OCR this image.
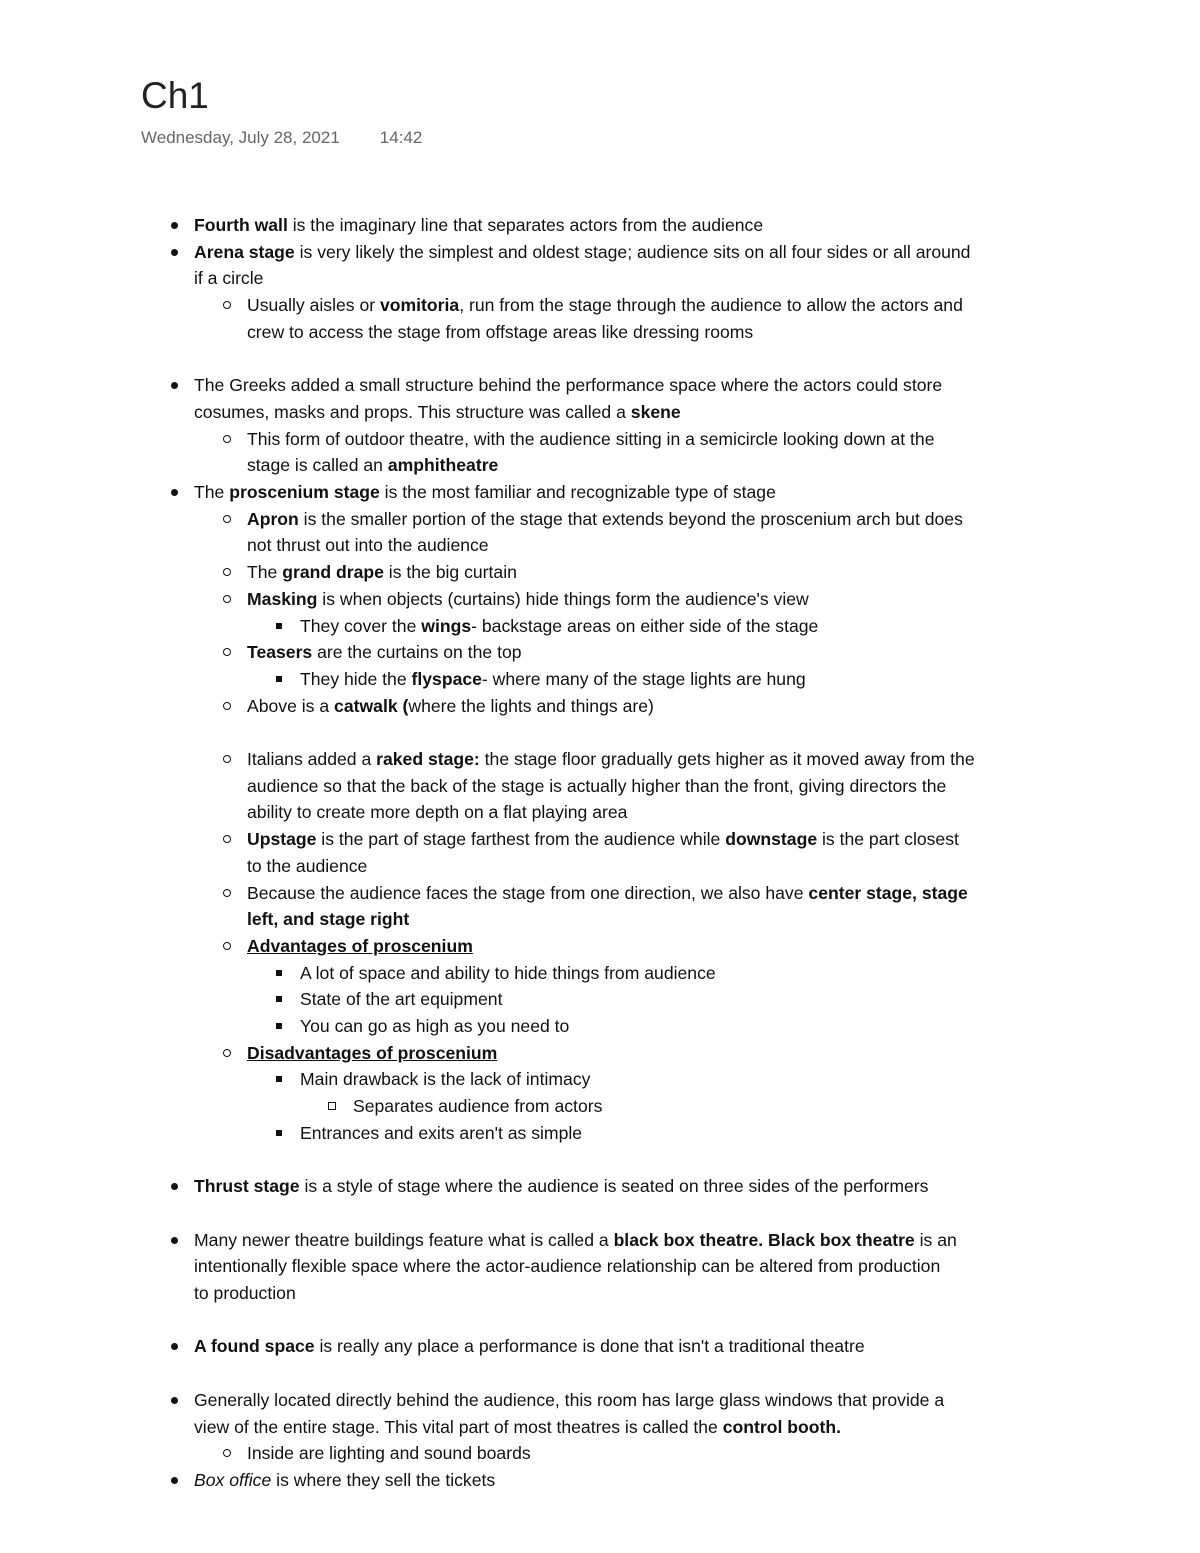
Ch1
Wednesday, July 28, 2021 14:42
Fourth wall is the imaginary line that separates actors from the audience
Arena stage is very likely the simplest and oldest stage; audience sits on all four sides or all around
if a circle
Usually aisles or vomitoria, run from the stage through the audience to allow the actors and
crew to access the stage from offstage areas like dressing rooms
The Greeks added a small structure behind the performance space where the actors could store
cosumes, masks and props. This structure was called a skene
This form of outdoor theatre, with the audience sitting in a semicircle looking down at the
stage is called an amphitheatre
The proscenium stage is the most familiar and recognizable type of stage
Apron is the smaller portion of the stage that extends beyond the proscenium arch but does
not thrust out into the audience
The grand drape is the big curtain
Masking is when objects (curtains) hide things form the audience's view
They cover the wings- backstage areas on either side of the stage
Teasers are the curtains on the top
They hide the flyspace- where many of the stage lights are hung
Above is a catwalk (where the lights and things are)
Italians added a raked stage: the stage floor gradually gets higher as it moved away from the
audience so that the back of the stage is actually higher than the front, giving directors the
ability to create more depth on a flat playing area
Upstage is the part of stage farthest from the audience while downstage is the part closest
to the audience
Because the audience faces the stage from one direction, we also have center stage, stage
left, and stage right
Advantages of proscenium
A lot of space and ability to hide things from audience
State of the art equipment
You can go as high as you need to
Disadvantages of proscenium
Main drawback is the lack of intimacy
Separates audience from actors
Entrances and exits aren't as simple
Thrust stage is a style of stage where the audience is seated on three sides of the performers
Many newer theatre buildings feature what is called a black box theatre. Black box theatre is an
intentionally flexible space where the actor-audience relationship can be altered from production
to production
A found space is really any place a performance is done that isn't a traditional theatre
Generally located directly behind the audience, this room has large glass windows that provide a
view of the entire stage. This vital part of most theatres is called the control booth.
Inside are lighting and sound boards
Box office is where they sell the tickets
